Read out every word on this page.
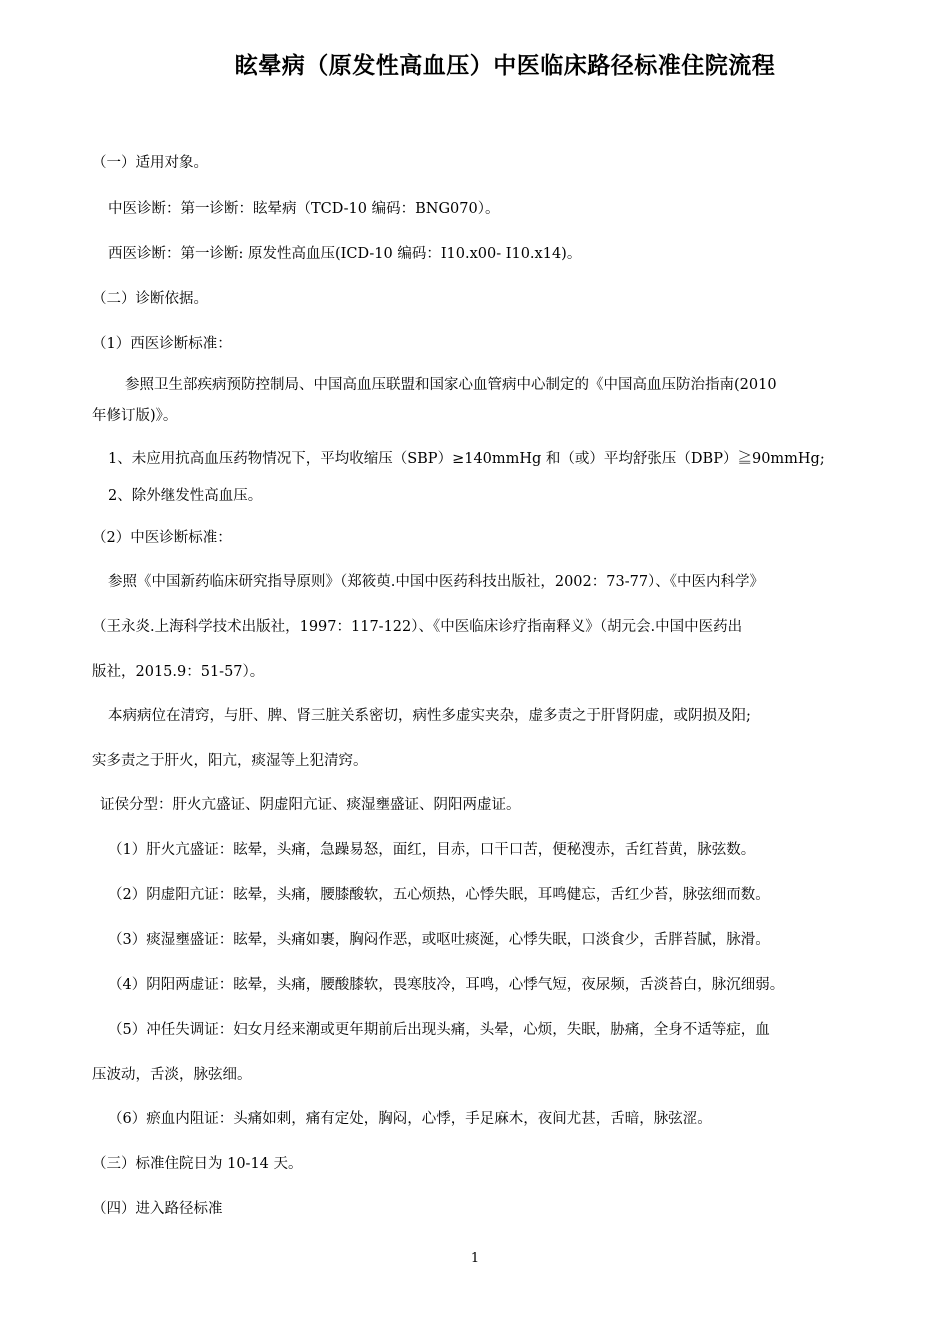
眩晕病（原发性高血压）中医临床路径标准住院流程
（一）适用对象。
中医诊断：第一诊断：眩晕病（TCD-10 编码：BNG070）。
西医诊断：第一诊断: 原发性高血压(ICD-10 编码：I10.x00- I10.x14)。
（二）诊断依据。
（1）西医诊断标准：
参照卫生部疾病预防控制局、中国高血压联盟和国家心血管病中心制定的《中国高血压防治指南(2010
年修订版)》。
1、未应用抗高血压药物情况下，平均收缩压（SBP）≥140mmHg 和（或）平均舒张压（DBP）≧90mmHg;
2、除外继发性高血压。
（2）中医诊断标准：
参照《中国新药临床研究指导原则》（郑筱萸.中国中医药科技出版社，2002：73-77）、《中医内科学》
（王永炎.上海科学技术出版社，1997：117-122）、《中医临床诊疗指南释义》（胡元会.中国中医药出
版社，2015.9：51-57）。
本病病位在清窍，与肝、脾、肾三脏关系密切，病性多虚实夹杂，虚多责之于肝肾阴虚，或阴损及阳;
实多责之于肝火，阳亢，痰湿等上犯清窍。
证侯分型：肝火亢盛证、阴虚阳亢证、痰湿壅盛证、阴阳两虚证。
（1）肝火亢盛证：眩晕，头痛，急躁易怒，面红，目赤，口干口苦，便秘溲赤，舌红苔黄，脉弦数。
（2）阴虚阳亢证：眩晕，头痛，腰膝酸软，五心烦热，心悸失眠，耳鸣健忘，舌红少苔，脉弦细而数。
（3）痰湿壅盛证：眩晕，头痛如裹，胸闷作恶，或呕吐痰涎，心悸失眠，口淡食少，舌胖苔腻，脉滑。
（4）阴阳两虚证：眩晕，头痛，腰酸膝软，畏寒肢冷，耳鸣，心悸气短，夜尿频，舌淡苔白，脉沉细弱。
（5）冲任失调证：妇女月经来潮或更年期前后出现头痛，头晕，心烦，失眠，胁痛，全身不适等症，血
压波动，舌淡，脉弦细。
（6）瘀血内阻证：头痛如刺，痛有定处，胸闷，心悸，手足麻木，夜间尤甚，舌暗，脉弦涩。
（三）标准住院日为 10-14 天。
（四）进入路径标准
1
